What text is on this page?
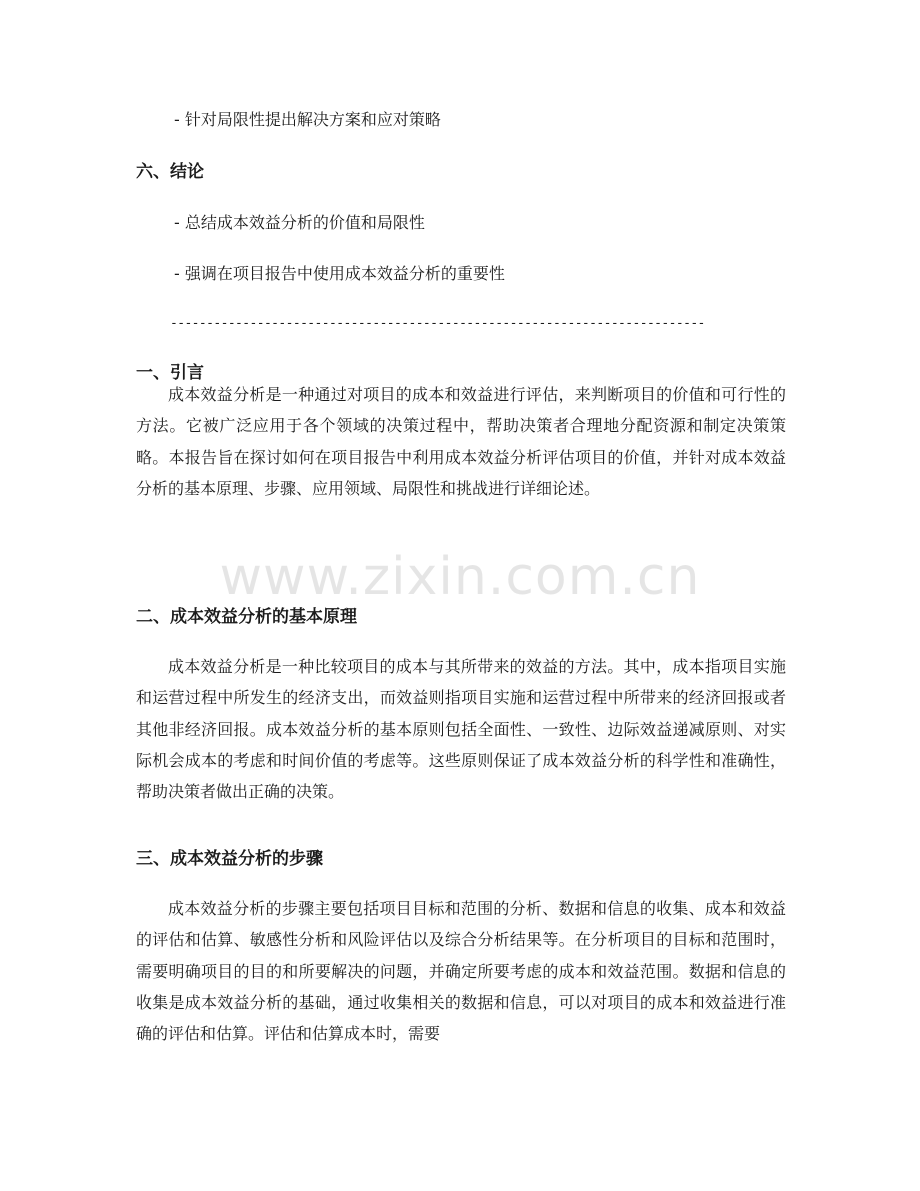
- 针对局限性提出解决方案和应对策略
六、结论
- 总结成本效益分析的价值和局限性
- 强调在项目报告中使用成本效益分析的重要性
--------------------------------------------------------------------------
一、引言

成本效益分析是一种通过对项目的成本和效益进行评估，来判断项目的价值和可行性的方法。它被广泛应用于各个领域的决策过程中，帮助决策者合理地分配资源和制定决策策略。本报告旨在探讨如何在项目报告中利用成本效益分析评估项目的价值，并针对成本效益分析的基本原理、步骤、应用领域、局限性和挑战进行详细论述。

二、成本效益分析的基本原理

成本效益分析是一种比较项目的成本与其所带来的效益的方法。其中，成本指项目实施和运营过程中所发生的经济支出，而效益则指项目实施和运营过程中所带来的经济回报或者其他非经济回报。成本效益分析的基本原则包括全面性、一致性、边际效益递减原则、对实际机会成本的考虑和时间价值的考虑等。这些原则保证了成本效益分析的科学性和准确性，帮助决策者做出正确的决策。

三、成本效益分析的步骤

成本效益分析的步骤主要包括项目目标和范围的分析、数据和信息的收集、成本和效益的评估和估算、敏感性分析和风险评估以及综合分析结果等。在分析项目的目标和范围时，需要明确项目的目的和所要解决的问题，并确定所要考虑的成本和效益范围。数据和信息的收集是成本效益分析的基础，通过收集相关的数据和信息，可以对项目的成本和效益进行准确的评估和估算。评估和估算成本时，需要

www.zixin.com.cn
